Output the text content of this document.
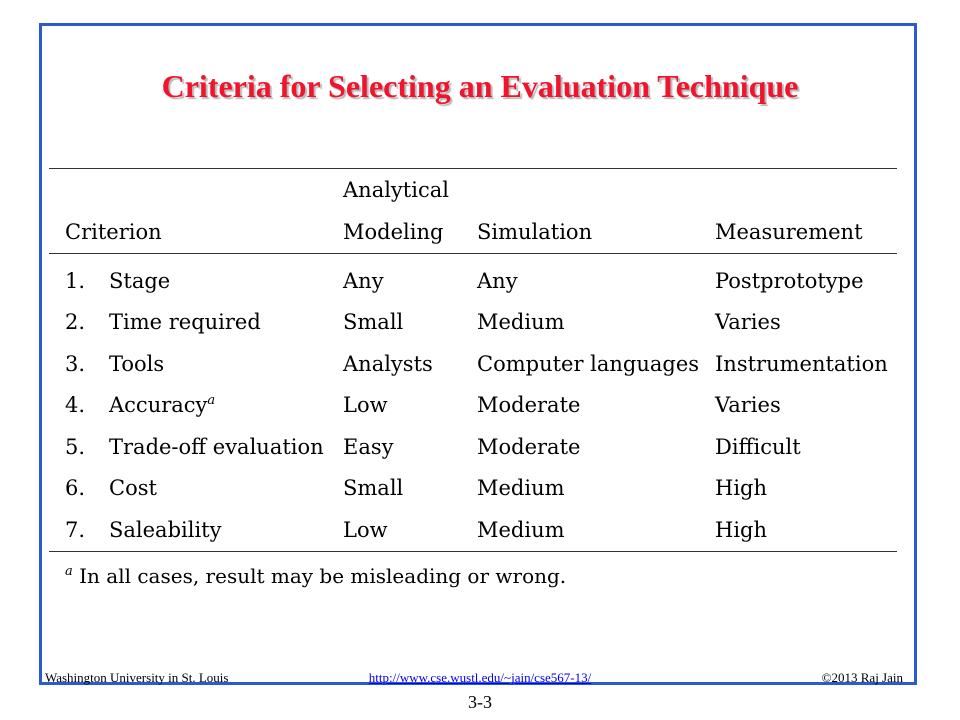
Criteria for Selecting an Evaluation Technique
		Analytical		
Criterion		Modeling	Simulation	Measurement
1.	Stage	Any	Any	Postprototype
2.	Time required	Small	Medium	Varies
3.	Tools	Analysts	Computer languages	Instrumentation
4.	Accuracy$^a$	Low	Moderate	Varies
5.	Trade-off evaluation	Easy	Moderate	Difficult
6.	Cost	Small	Medium	High
7.	Saleability	Low	Medium	High
$^a$ In all cases, result may be misleading or wrong.
Washington University in St. Louis	http://www.cse.wustl.edu/~jain/cse567-13/	©2013 Raj Jain
3-3
